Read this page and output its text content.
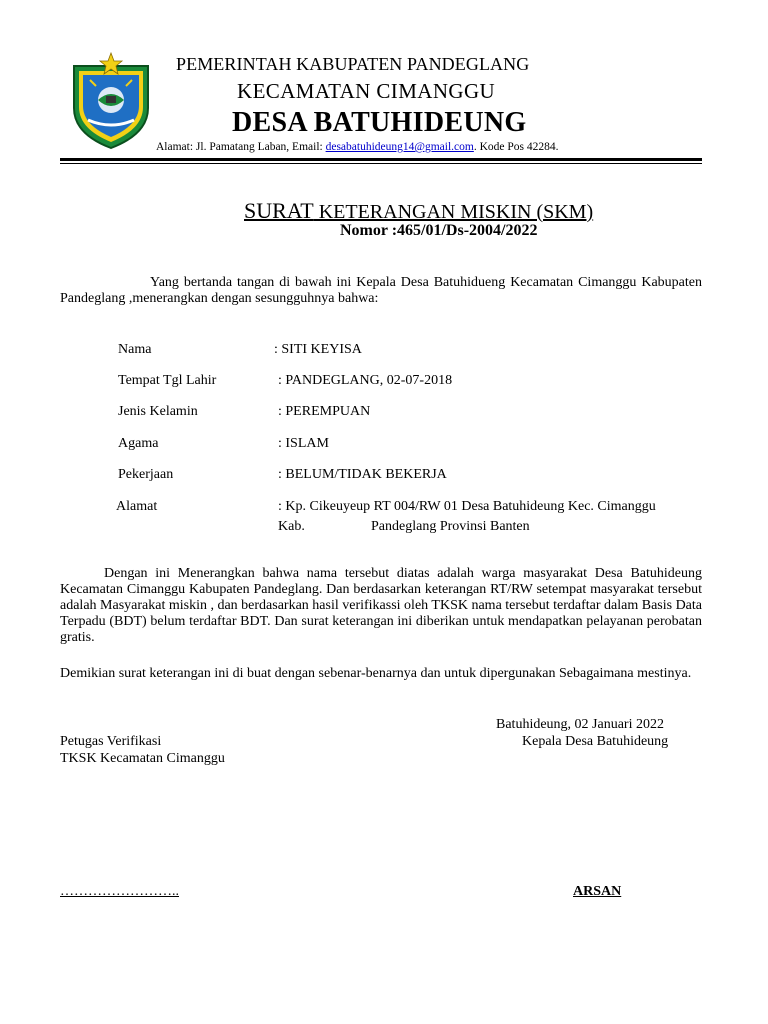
PEMERINTAH KABUPATEN PANDEGLANG
KECAMATAN CIMANGGU
DESA BATUHIDEUNG
Alamat: Jl. Pamatang Laban, Email: desabatuhideung14@gmail.com. Kode Pos 42284.
SURAT KETERANGAN MISKIN (SKM)
Nomor :465/01/Ds-2004/2022
Yang bertanda tangan di bawah ini Kepala Desa Batuhidueng Kecamatan Cimanggu Kabupaten Pandeglang ,menerangkan dengan sesungguhnya bahwa:
Nama	: SITI KEYISA
Tempat Tgl Lahir	: PANDEGLANG, 02-07-2018
Jenis Kelamin	: PEREMPUAN
Agama	: ISLAM
Pekerjaan	: BELUM/TIDAK BEKERJA
Alamat	: Kp. Cikeuyeup RT 004/RW 01 Desa Batuhideung Kec. Cimanggu
Kab.	Pandeglang Provinsi Banten
Dengan ini Menerangkan bahwa nama tersebut diatas adalah warga masyarakat Desa Batuhideung Kecamatan Cimanggu Kabupaten Pandeglang. Dan berdasarkan keterangan RT/RW setempat masyarakat tersebut adalah Masyarakat miskin , dan berdasarkan hasil verifikassi oleh TKSK nama tersebut terdaftar dalam Basis Data Terpadu (BDT) belum terdaftar BDT. Dan surat keterangan ini diberikan untuk mendapatkan pelayanan perobatan gratis.
Demikian surat keterangan ini di buat dengan sebenar-benarnya dan untuk dipergunakan Sebagaimana mestinya.
Batuhideung, 02 Januari 2022
Petugas Verifikasi	Kepala Desa Batuhideung
TKSK Kecamatan Cimanggu
……………………..	ARSAN
